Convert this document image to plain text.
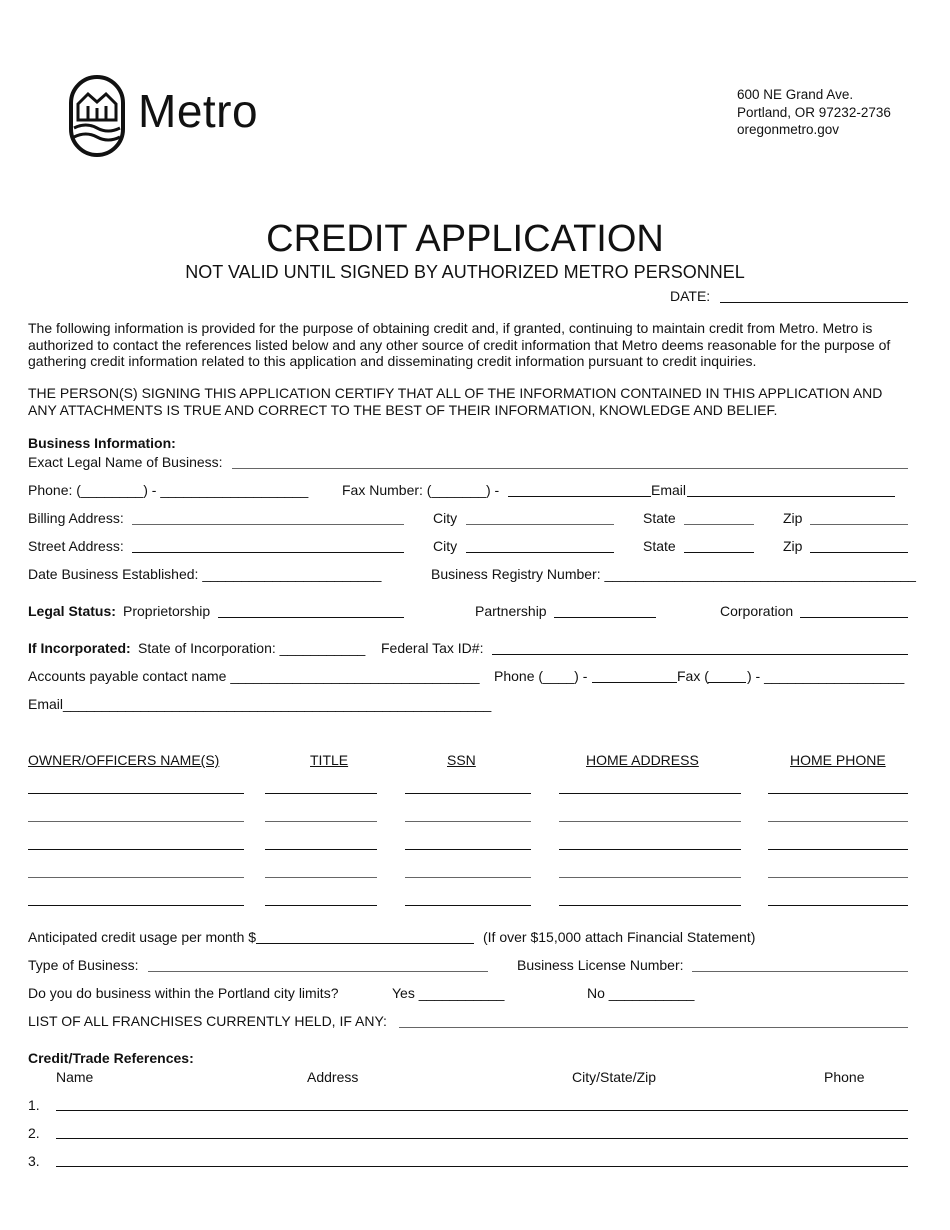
Metro	600 NE Grand Ave.
Portland, OR 97232-2736
oregonmetro.gov
CREDIT APPLICATION
NOT VALID UNTIL SIGNED BY AUTHORIZED METRO PERSONNEL
DATE:
The following information is provided for the purpose of obtaining credit and, if granted, continuing to maintain credit from Metro. Metro is authorized to contact the references listed below and any other source of credit information that Metro deems reasonable for the purpose of gathering credit information related to this application and disseminating credit information pursuant to credit inquiries.
THE PERSON(S) SIGNING THIS APPLICATION CERTIFY THAT ALL OF THE INFORMATION CONTAINED IN THIS APPLICATION AND ANY ATTACHMENTS IS TRUE AND CORRECT TO THE BEST OF THEIR INFORMATION, KNOWLEDGE AND BELIEF.
Business Information:
Exact Legal Name of Business:
Phone: (________) - ___________________ Fax Number: (_______) -	Email
Billing Address:	City	State	Zip
Street Address:	City	State	Zip
Date Business Established: _______________________	Business Registry Number: ________________________________________
Legal Status: Proprietorship	Partnership	Corporation
If Incorporated: State of Incorporation: ___________ Federal Tax ID#:
Accounts payable contact name ________________________________ Phone (____) -	Fax (	) - __________________
Email_______________________________________________________
OWNER/OFFICERS NAME(S)	TITLE	SSN	HOME ADDRESS	HOME PHONE
Anticipated credit usage per month $	(If over $15,000 attach Financial Statement)
Type of Business:	Business License Number:
Do you do business within the Portland city limits?	Yes ___________	No ___________
LIST OF ALL FRANCHISES CURRENTLY HELD, IF ANY:
Credit/Trade References:
Name	Address	City/State/Zip	Phone
1.
2.
3.
